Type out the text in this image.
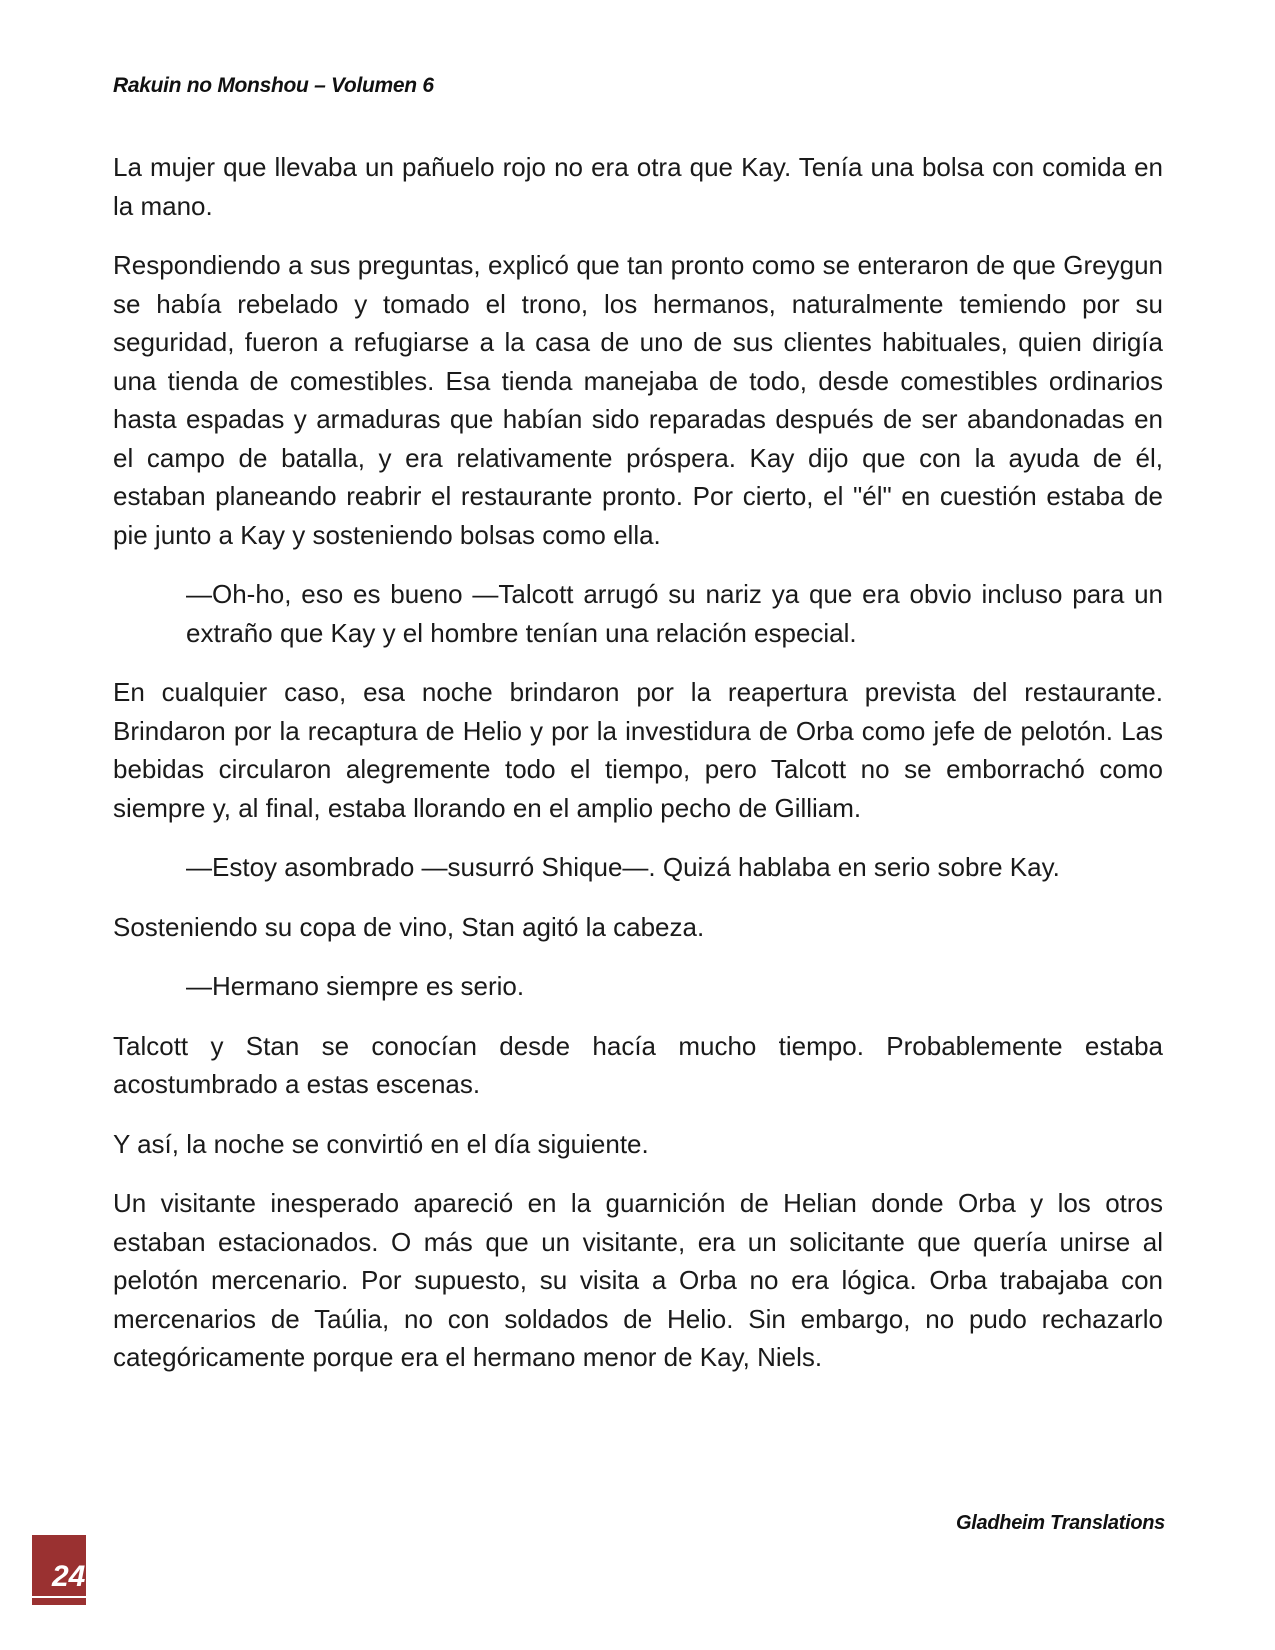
Rakuin no Monshou – Volumen 6

La mujer que llevaba un pañuelo rojo no era otra que Kay. Tenía una bolsa con comida en la mano.

Respondiendo a sus preguntas, explicó que tan pronto como se enteraron de que Greygun se había rebelado y tomado el trono, los hermanos, naturalmente temiendo por su seguridad, fueron a refugiarse a la casa de uno de sus clientes habituales, quien dirigía una tienda de comestibles. Esa tienda manejaba de todo, desde comestibles ordinarios hasta espadas y armaduras que habían sido reparadas después de ser abandonadas en el campo de batalla, y era relativamente próspera. Kay dijo que con la ayuda de él, estaban planeando reabrir el restaurante pronto. Por cierto, el "él" en cuestión estaba de pie junto a Kay y sosteniendo bolsas como ella.

—Oh-ho, eso es bueno —Talcott arrugó su nariz ya que era obvio incluso para un extraño que Kay y el hombre tenían una relación especial.

En cualquier caso, esa noche brindaron por la reapertura prevista del restaurante. Brindaron por la recaptura de Helio y por la investidura de Orba como jefe de pelotón. Las bebidas circularon alegremente todo el tiempo, pero Talcott no se emborrachó como siempre y, al final, estaba llorando en el amplio pecho de Gilliam.

—Estoy asombrado —susurró Shique—. Quizá hablaba en serio sobre Kay.

Sosteniendo su copa de vino, Stan agitó la cabeza.

—Hermano siempre es serio.

Talcott y Stan se conocían desde hacía mucho tiempo. Probablemente estaba acostumbrado a estas escenas.

Y así, la noche se convirtió en el día siguiente.

Un visitante inesperado apareció en la guarnición de Helian donde Orba y los otros estaban estacionados. O más que un visitante, era un solicitante que quería unirse al pelotón mercenario. Por supuesto, su visita a Orba no era lógica. Orba trabajaba con mercenarios de Taúlia, no con soldados de Helio. Sin embargo, no pudo rechazarlo categóricamente porque era el hermano menor de Kay, Niels.

Gladheim Translations
24
